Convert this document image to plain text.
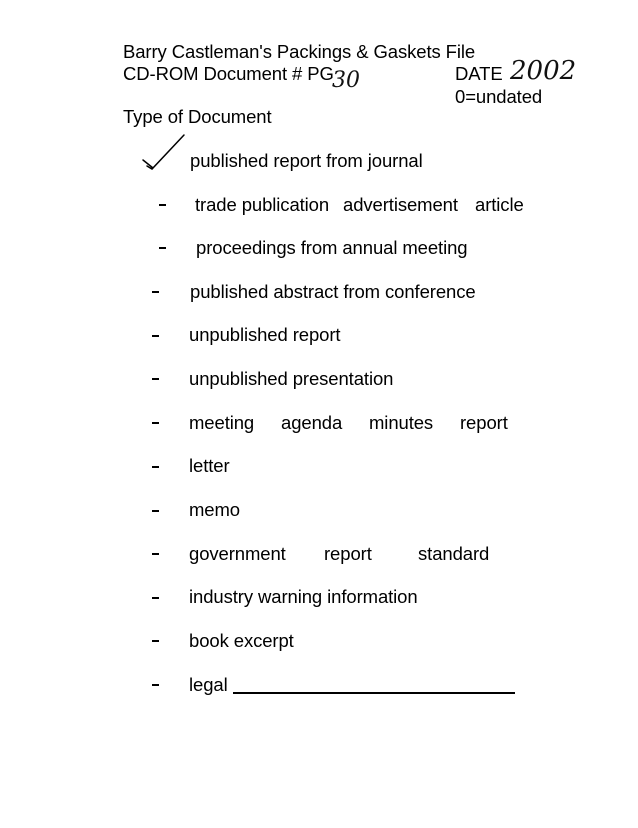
Barry Castleman's Packings & Gaskets File
CD-ROM Document # PG
30	DATE 2002
0=undated
Type of Document
published report from journal
trade publication advertisement article
proceedings from annual meeting
published abstract from conference
unpublished report
unpublished presentation
meeting agenda minutes report
letter
memo
government report	standard
industry warning information
book excerpt
legal
